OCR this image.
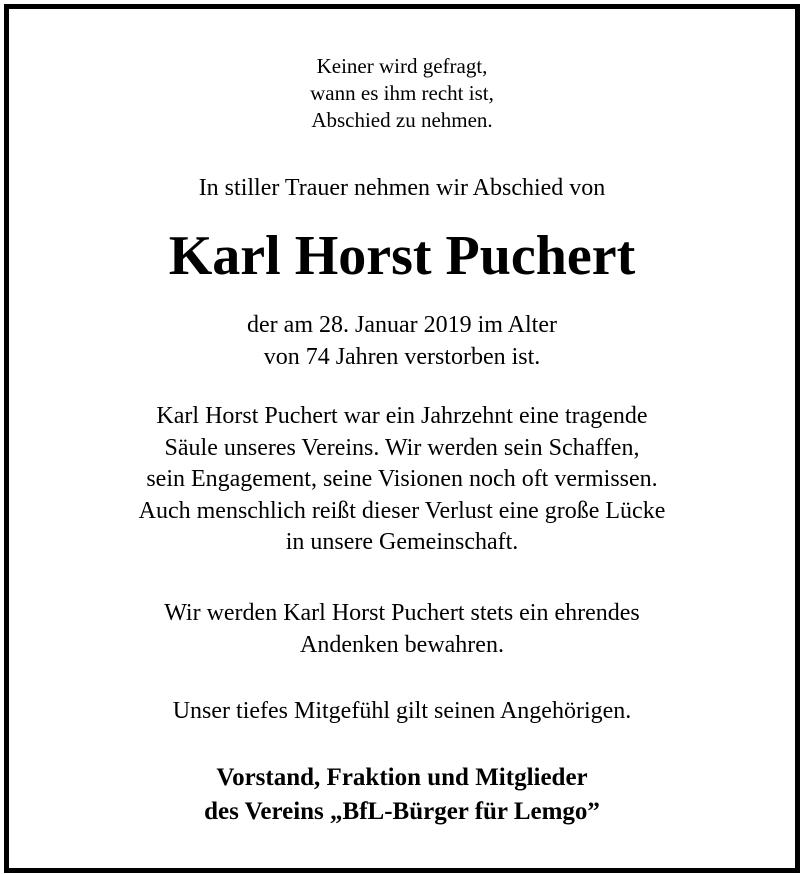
Keiner wird gefragt,
wann es ihm recht ist,
Abschied zu nehmen.
In stiller Trauer nehmen wir Abschied von
Karl Horst Puchert
der am 28. Januar 2019 im Alter
von 74 Jahren verstorben ist.
Karl Horst Puchert war ein Jahrzehnt eine tragende
Säule unseres Vereins. Wir werden sein Schaffen,
sein Engagement, seine Visionen noch oft vermissen.
Auch menschlich reißt dieser Verlust eine große Lücke
in unsere Gemeinschaft.
Wir werden Karl Horst Puchert stets ein ehrendes
Andenken bewahren.
Unser tiefes Mitgefühl gilt seinen Angehörigen.
Vorstand, Fraktion und Mitglieder
des Vereins „BfL-Bürger für Lemgo”
